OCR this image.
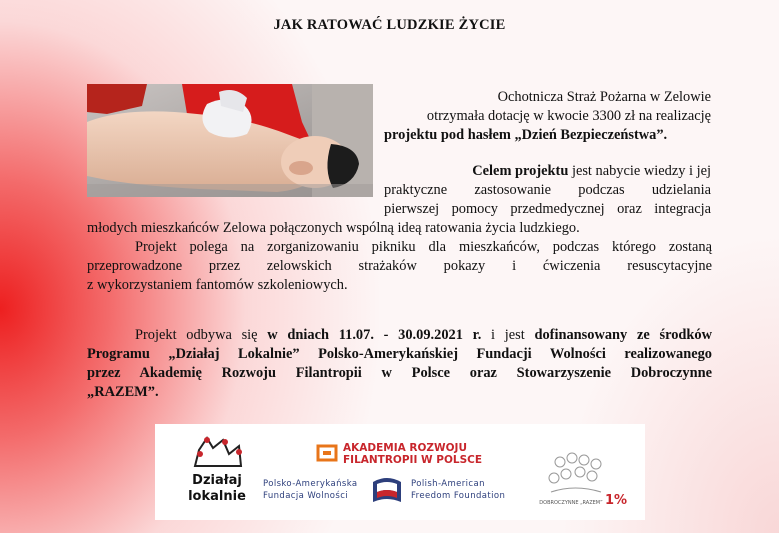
JAK RATOWAĆ LUDZKIE ŻYCIE
Ochotnicza Straż Pożarna w Zelowie
otrzymała dotację w kwocie 3300 zł na realizację
projektu pod hasłem „Dzień Bezpieczeństwa”.
Celem projektu jest nabycie wiedzy i jej
praktyczne zastosowanie podczas udzielania
pierwszej pomocy przedmedycznej oraz integracja
młodych mieszkańców Zelowa połączonych wspólną ideą ratowania życia ludzkiego.
Projekt polega na zorganizowaniu pikniku dla mieszkańców, podczas którego zostaną
przeprowadzone przez zelowskich strażaków pokazy i ćwiczenia resuscytacyjne
z wykorzystaniem fantomów szkoleniowych.
Projekt odbywa się w dniach 11.07. - 30.09.2021 r. i jest dofinansowany ze środków
Programu „Działaj Lokalnie” Polsko-Amerykańskiej Fundacji Wolności realizowanego
przez Akademię Rozwoju Filantropii w Polsce oraz Stowarzyszenie Dobroczynne
„RAZEM”.
Działaj
lokalnie
AKADEMIA ROZWOJU
FILANTROPII W POLSCE
Polsko-Amerykańska
Fundacja Wolności
Polish-American
Freedom Foundation
DOBROCZYNNE „RAZEM” 1%
